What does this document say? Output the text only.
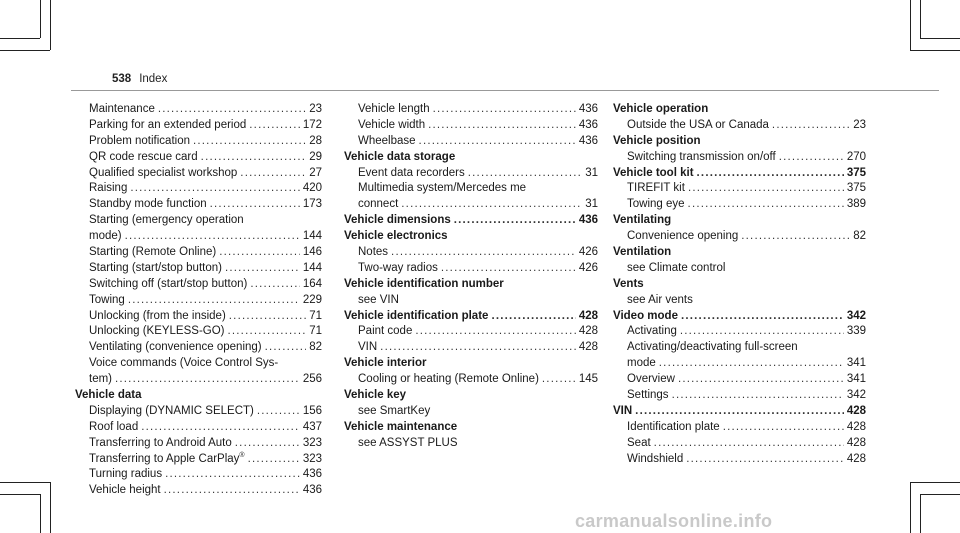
538 Index
Maintenance .....	23
Parking for an extended period .....	172
Problem notification .....	28
QR code rescue card .....	29
Qualified specialist workshop .....	27
Raising .....	420
Standby mode function .....	173
Starting (emergency operation
mode) .....	144
Starting (Remote Online) .....	146
Starting (start/stop button) .....	144
Switching off (start/stop button) .....	164
Towing .....	229
Unlocking (from the inside) .....	71
Unlocking (KEYLESS-GO) .....	71
Ventilating (convenience opening) .....	82
Voice commands (Voice Control Sys-
tem) .....	256
Vehicle data
Displaying (DYNAMIC SELECT) .....	156
Roof load .....	437
Transferring to Android Auto .....	323
Transferring to Apple CarPlay® .....	323
Turning radius .....	436
Vehicle height .....	436
Vehicle length .....	436
Vehicle width .....	436
Wheelbase .....	436
Vehicle data storage
Event data recorders .....	31
Multimedia system/Mercedes me
connect .....	31
Vehicle dimensions .....	436
Vehicle electronics
Notes .....	426
Two-way radios .....	426
Vehicle identification number
see VIN
Vehicle identification plate .....	428
Paint code .....	428
VIN .....	428
Vehicle interior
Cooling or heating (Remote Online) .....	145
Vehicle key
see SmartKey
Vehicle maintenance
see ASSYST PLUS
Vehicle operation
Outside the USA or Canada .....	23
Vehicle position
Switching transmission on/off .....	270
Vehicle tool kit .....	375
TIREFIT kit .....	375
Towing eye .....	389
Ventilating
Convenience opening .....	82
Ventilation
see Climate control
Vents
see Air vents
Video mode .....	342
Activating .....	339
Activating/deactivating full-screen
mode .....	341
Overview .....	341
Settings .....	342
VIN .....	428
Identification plate .....	428
Seat .....	428
Windshield .....	428
carmanualsonline.info
